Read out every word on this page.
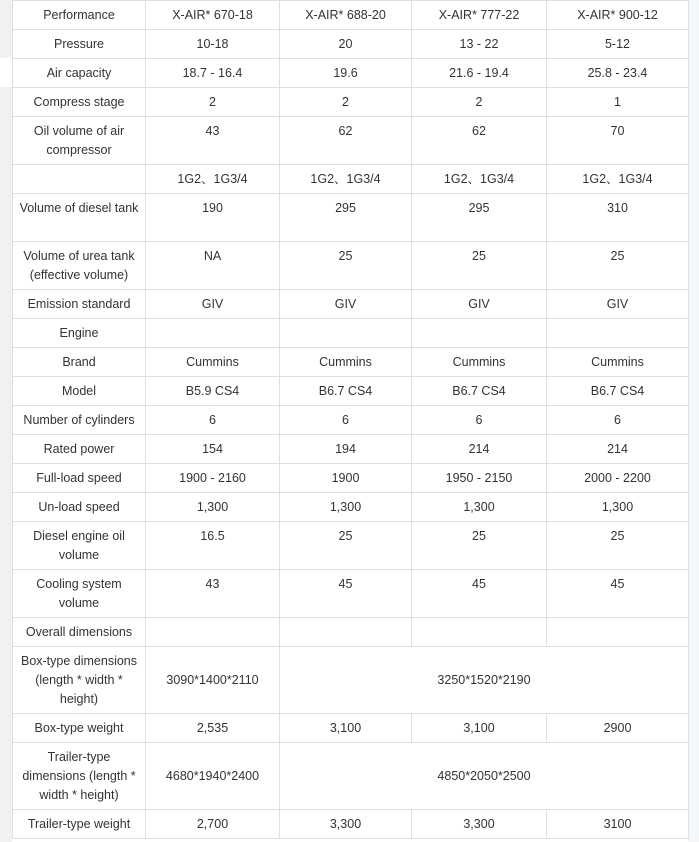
Performance	X-AIR* 670-18	X-AIR* 688-20	X-AIR* 777-22	X-AIR* 900-12
Pressure	10-18	20	13 - 22	5-12
Air capacity	18.7 - 16.4	19.6	21.6 - 19.4	25.8 - 23.4
Compress stage	2	2	2	1
Oil volume of air compressor	43	62	62	70
	1G2、1G3/4	1G2、1G3/4	1G2、1G3/4	1G2、1G3/4
Volume of diesel tank	190	295	295	310
Volume of urea tank (effective volume)	NA	25	25	25
Emission standard	GIV	GIV	GIV	GIV
Engine				
Brand	Cummins	Cummins	Cummins	Cummins
Model	B5.9 CS4	B6.7 CS4	B6.7 CS4	B6.7 CS4
Number of cylinders	6	6	6	6
Rated power	154	194	214	214
Full-load speed	1900 - 2160	1900	1950 - 2150	2000 - 2200
Un-load speed	1,300	1,300	1,300	1,300
Diesel engine oil volume	16.5	25	25	25
Cooling system volume	43	45	45	45
Overall dimensions				
Box-type dimensions (length * width * height)	3090*1400*2110	3250*1520*2190		
Box-type weight	2,535	3,100	3,100	2900
Trailer-type dimensions (length * width * height)	4680*1940*2400	4850*2050*2500		
Trailer-type weight	2,700	3,300	3,300	3100
